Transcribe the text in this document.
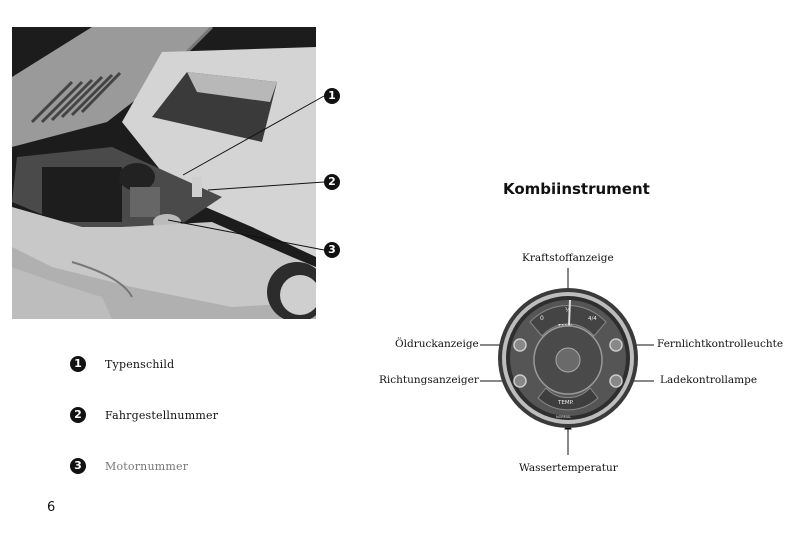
1
2
3
1	Typenschild
2	Fahrgestellnummer
3	Motornummer
6
Kombiinstrument
Kraftstoffanzeige
Öldruckanzeige
Richtungsanzeiger
Fernlichtkontrolleuchte
Ladekontrollampe
Wassertemperatur
0
½
4/4
TEMP.
NORMAL
